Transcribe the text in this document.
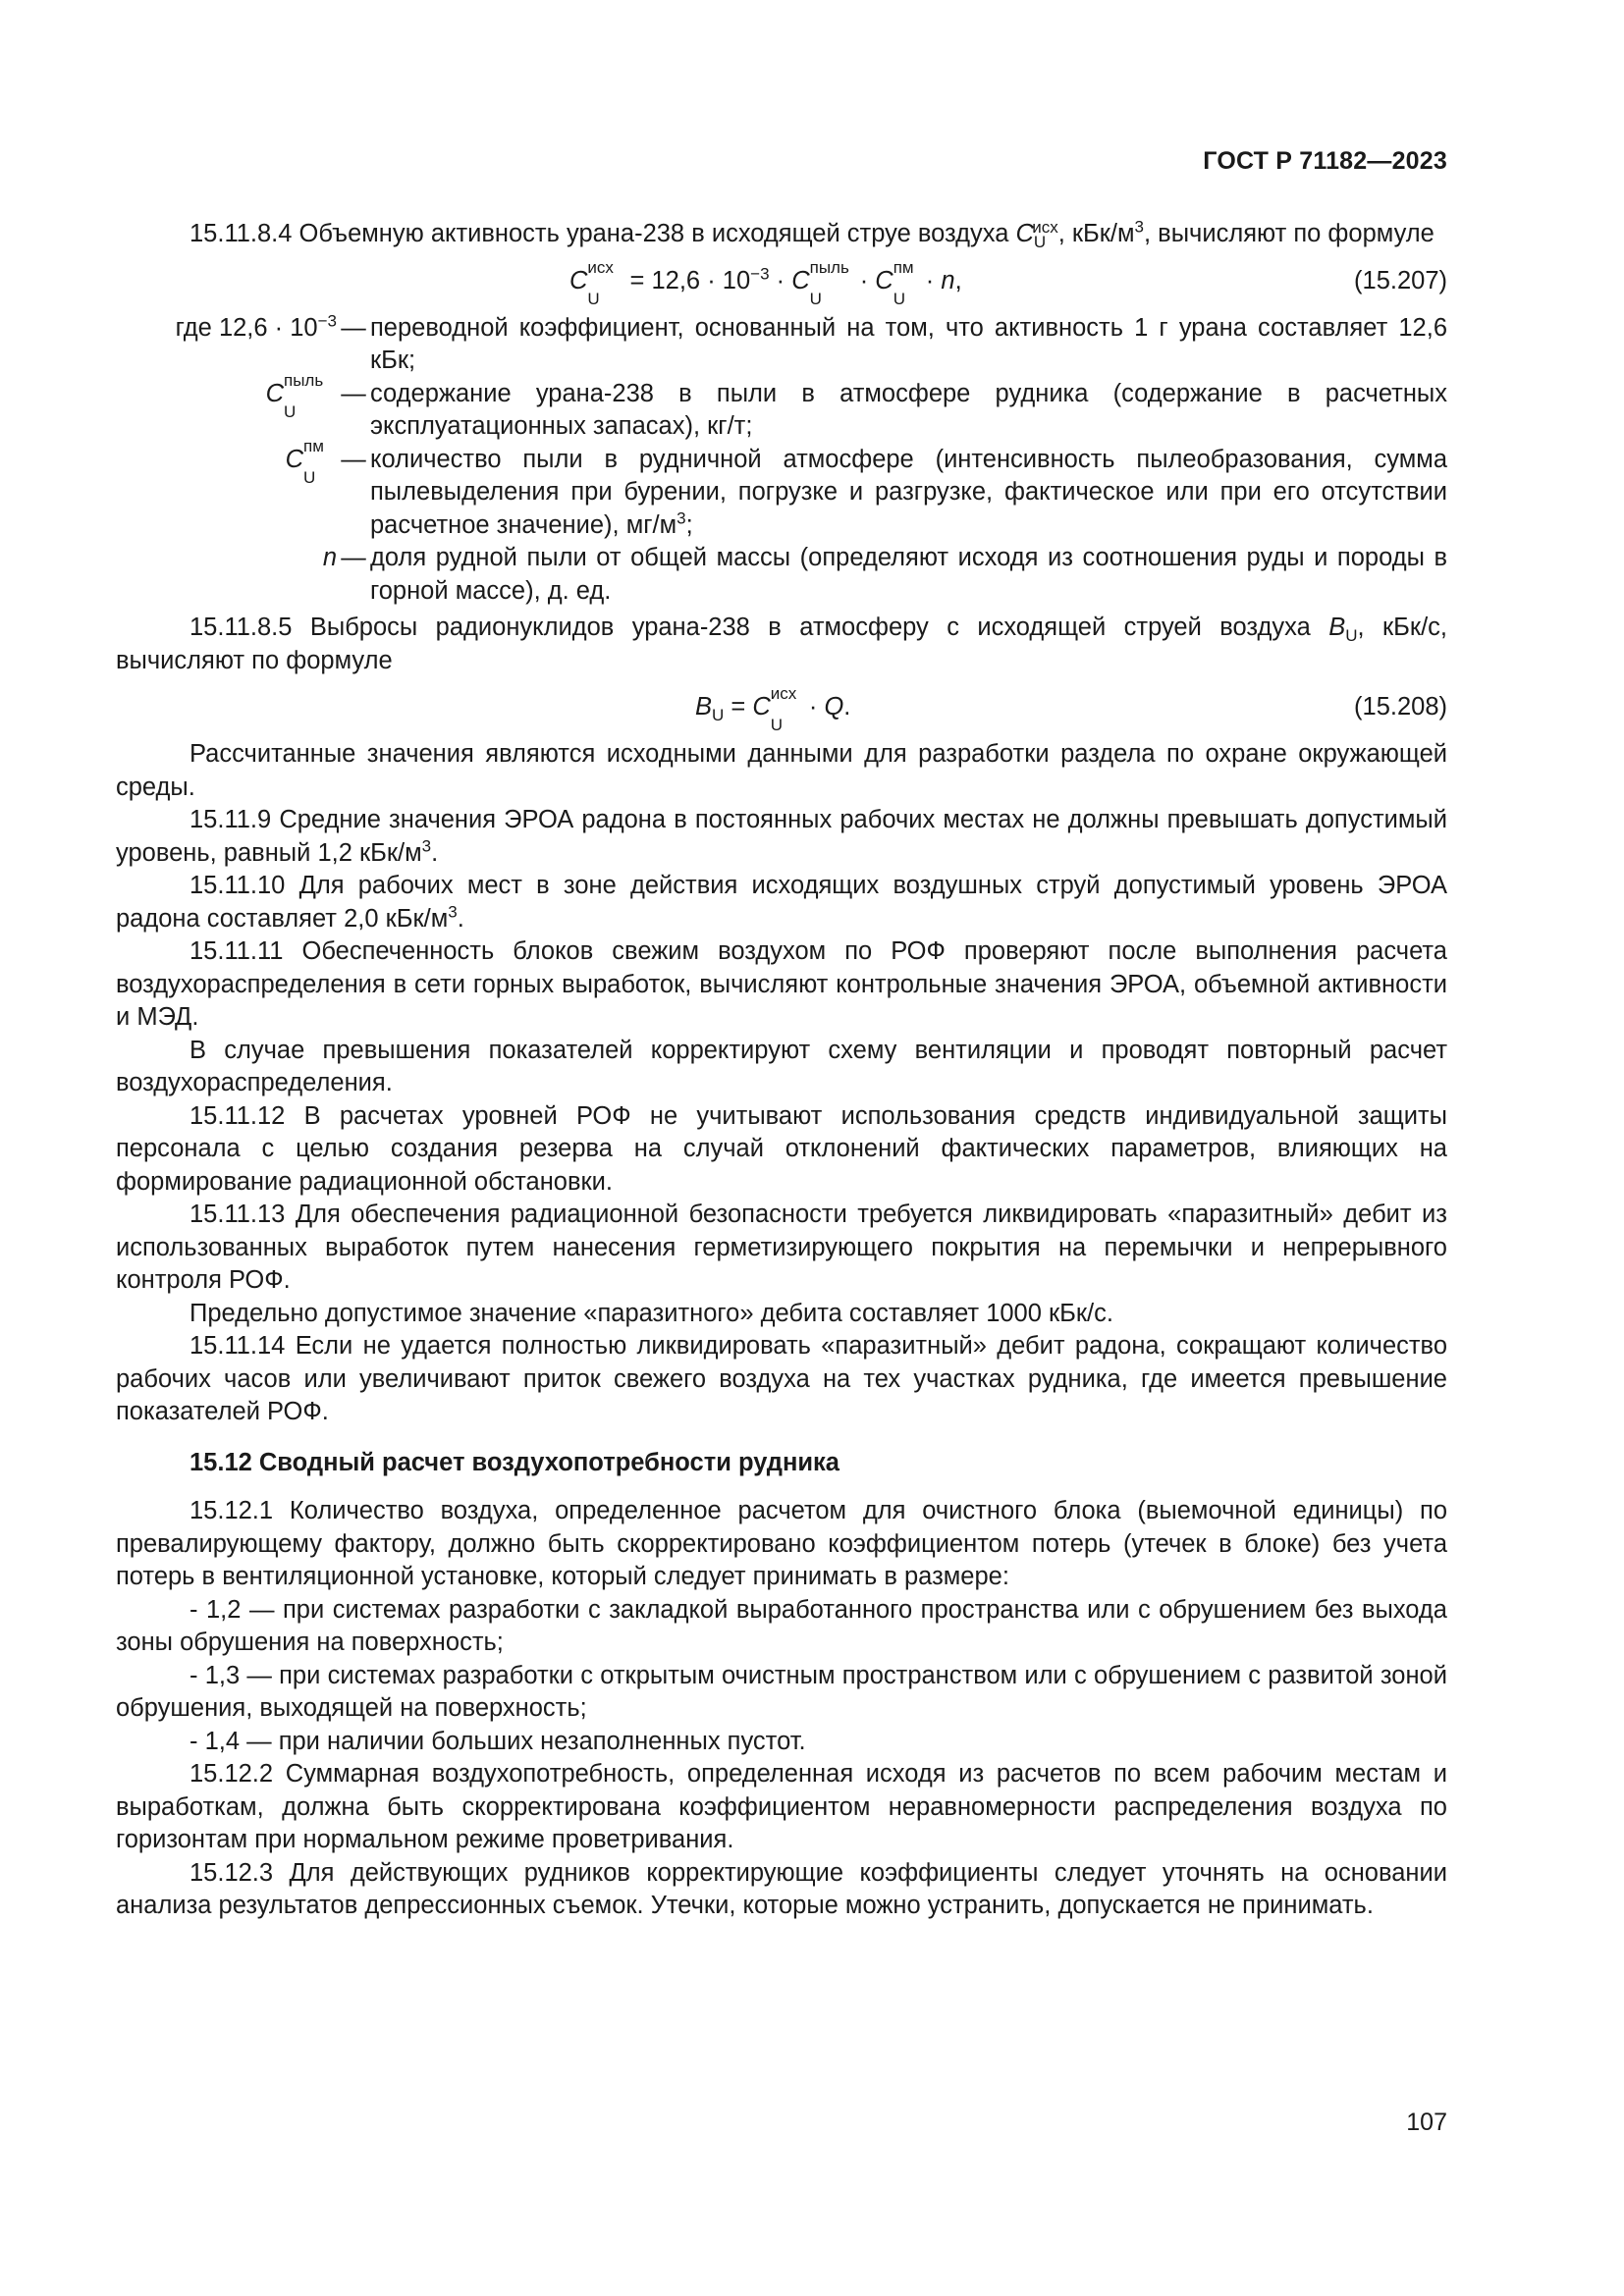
ГОСТ Р 71182—2023

15.11.8.4 Объемную активность урана-238 в исходящей струе воздуха $C_U^{исх}$, кБк/$м^3$, вычисляют по формуле

C исх
U
= $12,6 \cdot 10^{-3} \cdot C$ пыль
U
· C пм
U
· n,	(15.207)
где $12,6 \cdot 10^{-3}$ — переводной коэффициент, основанный на том, что активность 1 г урана составляет 12,6 кБк;
C пыль
U
— содержание урана-238 в пыли в атмосфере рудника (содержание в расчетных эксплуатационных запасах), кг/т;
C пм
U
— количество пыли в рудничной атмосфере (интенсивность пылеобразования, сумма пылевыделения при бурении, погрузке и разгрузке, фактическое или при его отсутствии расчетное значение), $мг/м^3$;
n — доля рудной пыли от общей массы (определяют исходя из соотношения руды и породы в горной массе), д. ед.

15.11.8.5 Выбросы радионуклидов урана-238 в атмосферу с исходящей струей воздуха $B_U$, кБк/с, вычисляют по формуле

$B_U = C$ исх
U
· Q.	(15.208)

Рассчитанные значения являются исходными данными для разработки раздела по охране окружающей среды.

15.11.9 Средние значения ЭРОА радона в постоянных рабочих местах не должны превышать допустимый уровень, равный 1,2 кБк/$м^3$.

15.11.10 Для рабочих мест в зоне действия исходящих воздушных струй допустимый уровень ЭРОА радона составляет 2,0 кБк/$м^3$.

15.11.11 Обеспеченность блоков свежим воздухом по РОФ проверяют после выполнения расчета воздухораспределения в сети горных выработок, вычисляют контрольные значения ЭРОА, объемной активности и МЭД.

В случае превышения показателей корректируют схему вентиляции и проводят повторный расчет воздухораспределения.

15.11.12 В расчетах уровней РОФ не учитывают использования средств индивидуальной защиты персонала с целью создания резерва на случай отклонений фактических параметров, влияющих на формирование радиационной обстановки.

15.11.13 Для обеспечения радиационной безопасности требуется ликвидировать «паразитный» дебит из использованных выработок путем нанесения герметизирующего покрытия на перемычки и непрерывного контроля РОФ.

Предельно допустимое значение «паразитного» дебита составляет 1000 кБк/с.

15.11.14 Если не удается полностью ликвидировать «паразитный» дебит радона, сокращают количество рабочих часов или увеличивают приток свежего воздуха на тех участках рудника, где имеется превышение показателей РОФ.

15.12 Сводный расчет воздухопотребности рудника

15.12.1 Количество воздуха, определенное расчетом для очистного блока (выемочной единицы) по превалирующему фактору, должно быть скорректировано коэффициентом потерь (утечек в блоке) без учета потерь в вентиляционной установке, который следует принимать в размере:

- 1,2 — при системах разработки с закладкой выработанного пространства или с обрушением без выхода зоны обрушения на поверхность;

- 1,3 — при системах разработки с открытым очистным пространством или с обрушением с развитой зоной обрушения, выходящей на поверхность;

- 1,4 — при наличии больших незаполненных пустот.

15.12.2 Суммарная воздухопотребность, определенная исходя из расчетов по всем рабочим местам и выработкам, должна быть скорректирована коэффициентом неравномерности распределения воздуха по горизонтам при нормальном режиме проветривания.

15.12.3 Для действующих рудников корректирующие коэффициенты следует уточнять на основании анализа результатов депрессионных съемок. Утечки, которые можно устранить, допускается не принимать.

107
